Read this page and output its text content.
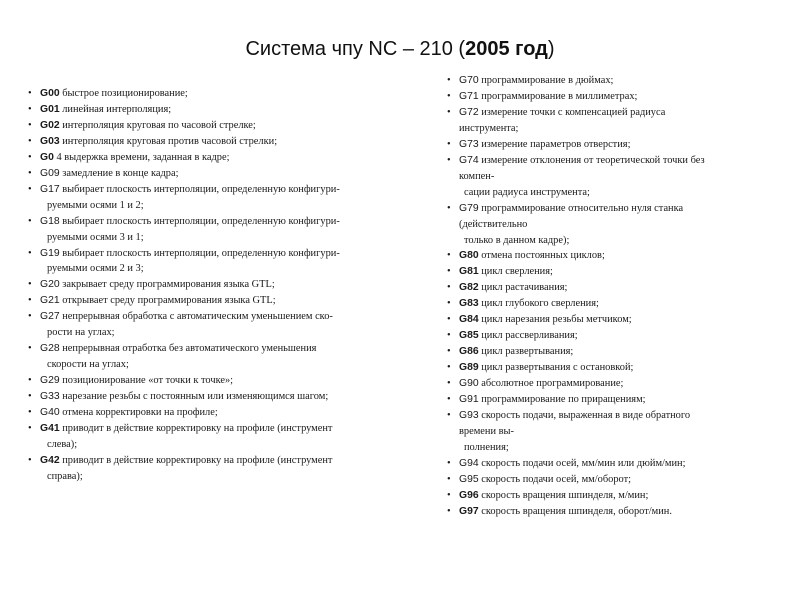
Система чпу NC – 210 (2005 год)
• G00 быстрое позиционирование;
• G01 линейная интерполяция;
• G02 интерполяция круговая по часовой стрелке;
• G03 интерполяция круговая против часовой стрелки;
• G0 4 выдержка времени, заданная в кадре;
• G09 замедление в конце кадра;
• G17 выбирает плоскость интерполяции, определенную конфигури-
руемыми осями 1 и 2;
• G18 выбирает плоскость интерполяции, определенную конфигури-
руемыми осями 3 и 1;
• G19 выбирает плоскость интерполяции, определенную конфигури-
руемыми осями 2 и 3;
• G20 закрывает среду программирования языка GTL;
• G21 открывает среду программирования языка GTL;
• G27 непрерывная обработка с автоматическим уменьшением ско-
рости на углах;
• G28 непрерывная отработка без автоматического уменьшения
скорости на углах;
• G29 позиционирование «от точки к точке»;
• G33 нарезание резьбы с постоянным или изменяющимся шагом;
• G40 отмена корректировки на профиле;
• G41 приводит в действие корректировку на профиле (инструмент
слева);
• G42 приводит в действие корректировку на профиле (инструмент
справа);
• G70 программирование в дюймах;
• G71 программирование в миллиметрах;
• G72 измерение точки с компенсацией радиуса
инструмента;
• G73 измерение параметров отверстия;
• G74 измерение отклонения от теоретической точки без
компен-
сации радиуса инструмента;
• G79 программирование относительно нуля станка
(действительно
только в данном кадре);
• G80 отмена постоянных циклов;
• G81 цикл сверления;
• G82 цикл растачивания;
• G83 цикл глубокого сверления;
• G84 цикл нарезания резьбы метчиком;
• G85 цикл рассверливания;
• G86 цикл развертывания;
• G89 цикл развертывания с остановкой;
• G90 абсолютное программирование;
• G91 программирование по приращениям;
• G93 скорость подачи, выраженная в виде обратного
времени вы-
полнения;
• G94 скорость подачи осей, мм/мин или дюйм/мин;
• G95 скорость подачи осей, мм/оборот;
• G96 скорость вращения шпинделя, м/мин;
• G97 скорость вращения шпинделя, оборот/мин.
